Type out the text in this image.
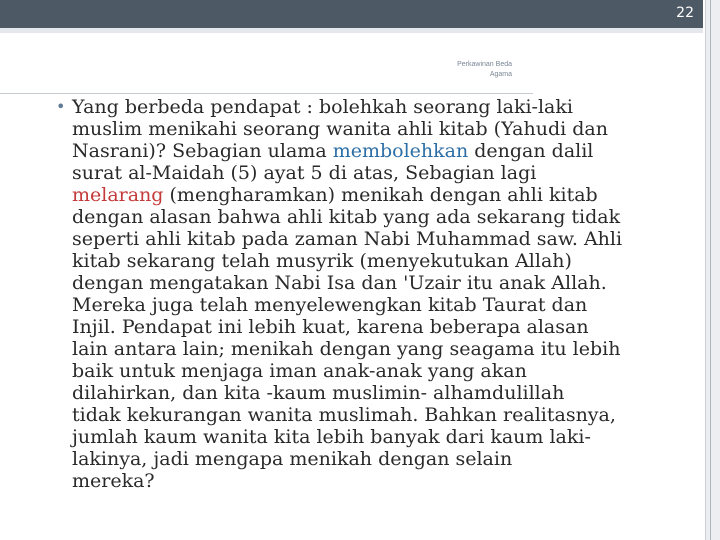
22
Perkawinan Beda
Agama
• Yang berbeda pendapat : bolehkah seorang laki-laki
muslim menikahi seorang wanita ahli kitab (Yahudi dan
Nasrani)? Sebagian ulama membolehkan dengan dalil
surat al-Maidah (5) ayat 5 di atas, Sebagian lagi
melarang (mengharamkan) menikah dengan ahli kitab
dengan alasan bahwa ahli kitab yang ada sekarang tidak
seperti ahli kitab pada zaman Nabi Muhammad saw. Ahli
kitab sekarang telah musyrik (menyekutukan Allah)
dengan mengatakan Nabi Isa dan 'Uzair itu anak Allah.
Mereka juga telah menyelewengkan kitab Taurat dan
Injil. Pendapat ini lebih kuat, karena beberapa alasan
lain antara lain; menikah dengan yang seagama itu lebih
baik untuk menjaga iman anak-anak yang akan
dilahirkan, dan kita -kaum muslimin- alhamdulillah
tidak kekurangan wanita muslimah. Bahkan realitasnya,
jumlah kaum wanita kita lebih banyak dari kaum laki-
lakinya, jadi mengapa menikah dengan selain
mereka?
